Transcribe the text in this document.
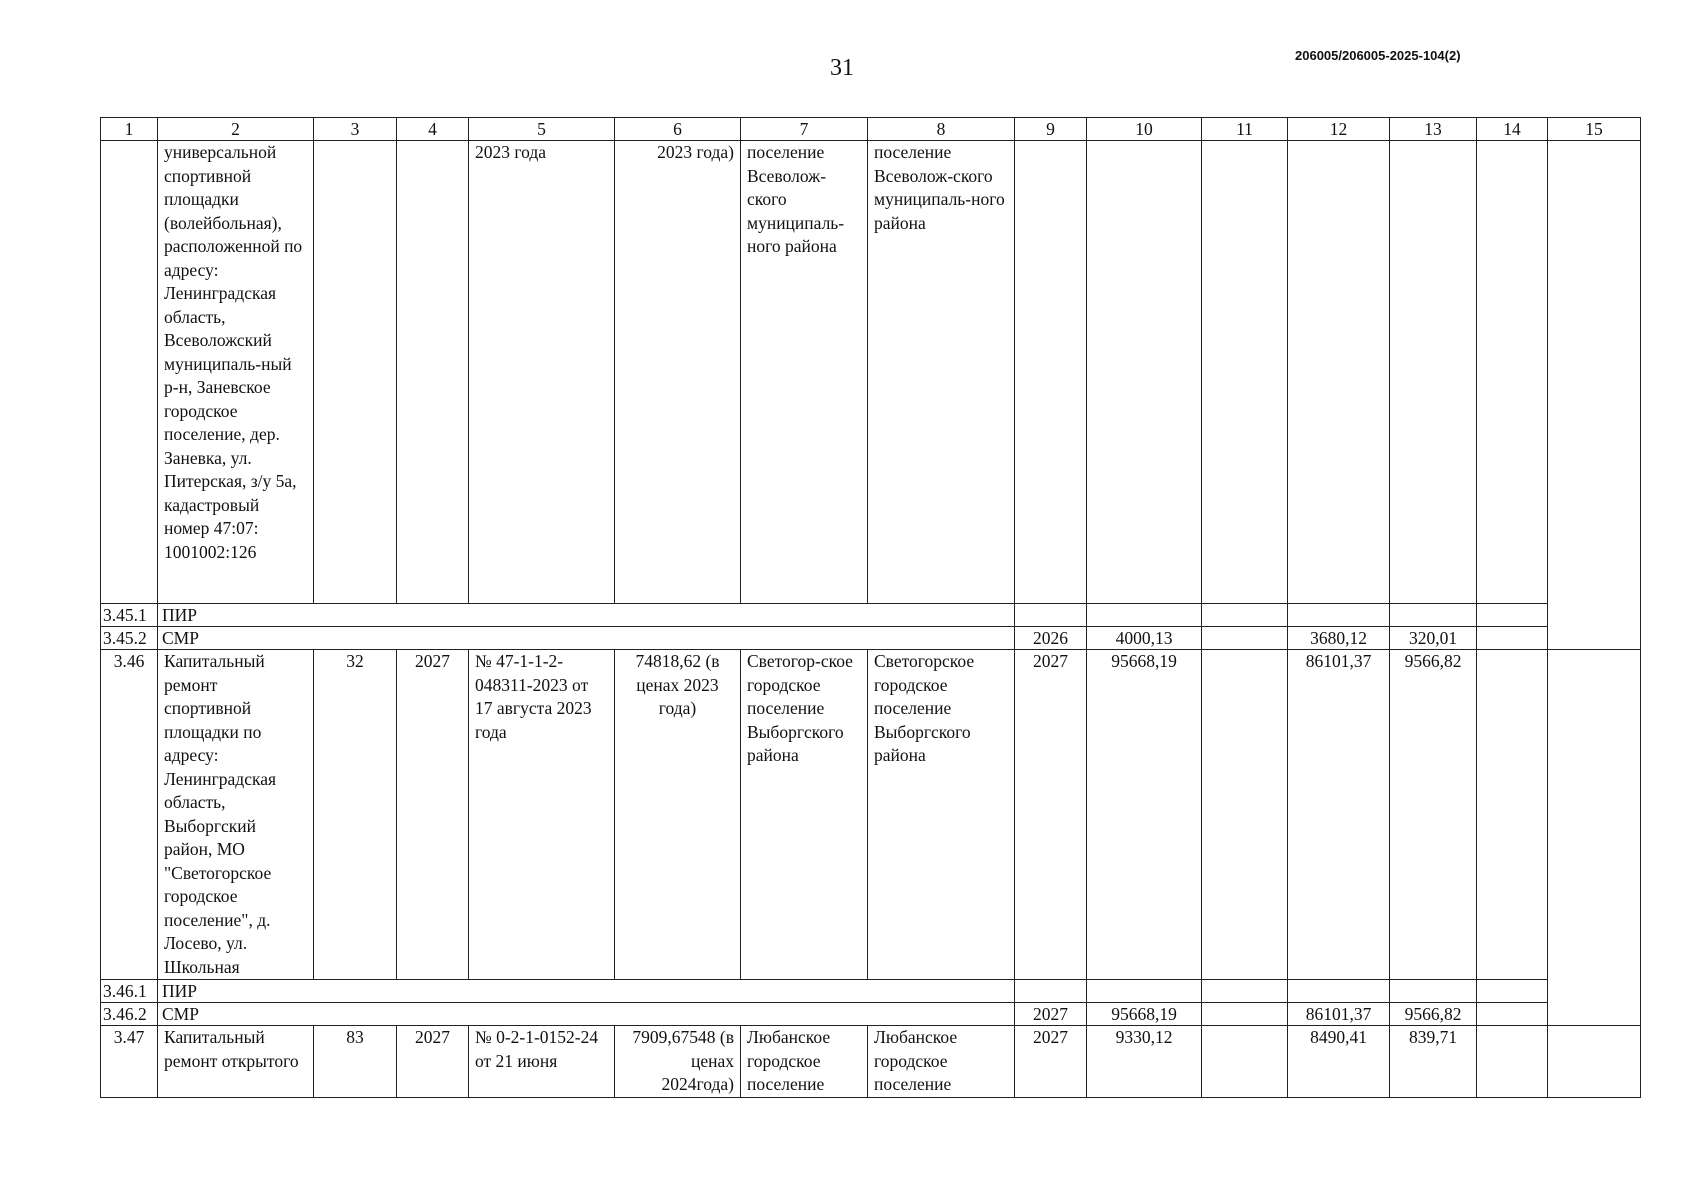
31	206005/206005-2025-104(2)
1	2	3	4	5	6	7	8	9	10	11	12	13	14	15
	универсальной спортивной площадки (волейбольная), расположенной по адресу: Ленинградская область, Всеволожский муниципаль-ный р-н, Заневское городское поселение, дер. Заневка, ул. Питерская, з/у 5а, кадастровый номер 47:07: 1001002:126			2023 года	2023 года)	поселение Всеволож-ского муниципаль-ного района	поселение Всеволож-ского муниципаль-ного района							
3.45.1	ПИР													
3.45.2	СМР							2026	4000,13		3680,12	320,01		
3.46	Капитальный ремонт спортивной площадки по адресу: Ленинградская область, Выборгский район, МО "Светогорское городское поселение", д. Лосево, ул. Школьная	32	2027	№ 47-1-1-2-048311-2023 от 17 августа 2023 года	74818,62 (в ценах 2023 года)	Светогор-ское городское поселение Выборгского района	Светогорское городское поселение Выборгского района	2027	95668,19		86101,37	9566,82		
3.46.1	ПИР													
3.46.2	СМР							2027	95668,19		86101,37	9566,82		
3.47	Капитальный ремонт открытого	83	2027	№ 0-2-1-0152-24 от 21 июня	7909,67548 (в ценах 2024года)	Любанское городское поселение	Любанское городское поселение	2027	9330,12		8490,41	839,71		
